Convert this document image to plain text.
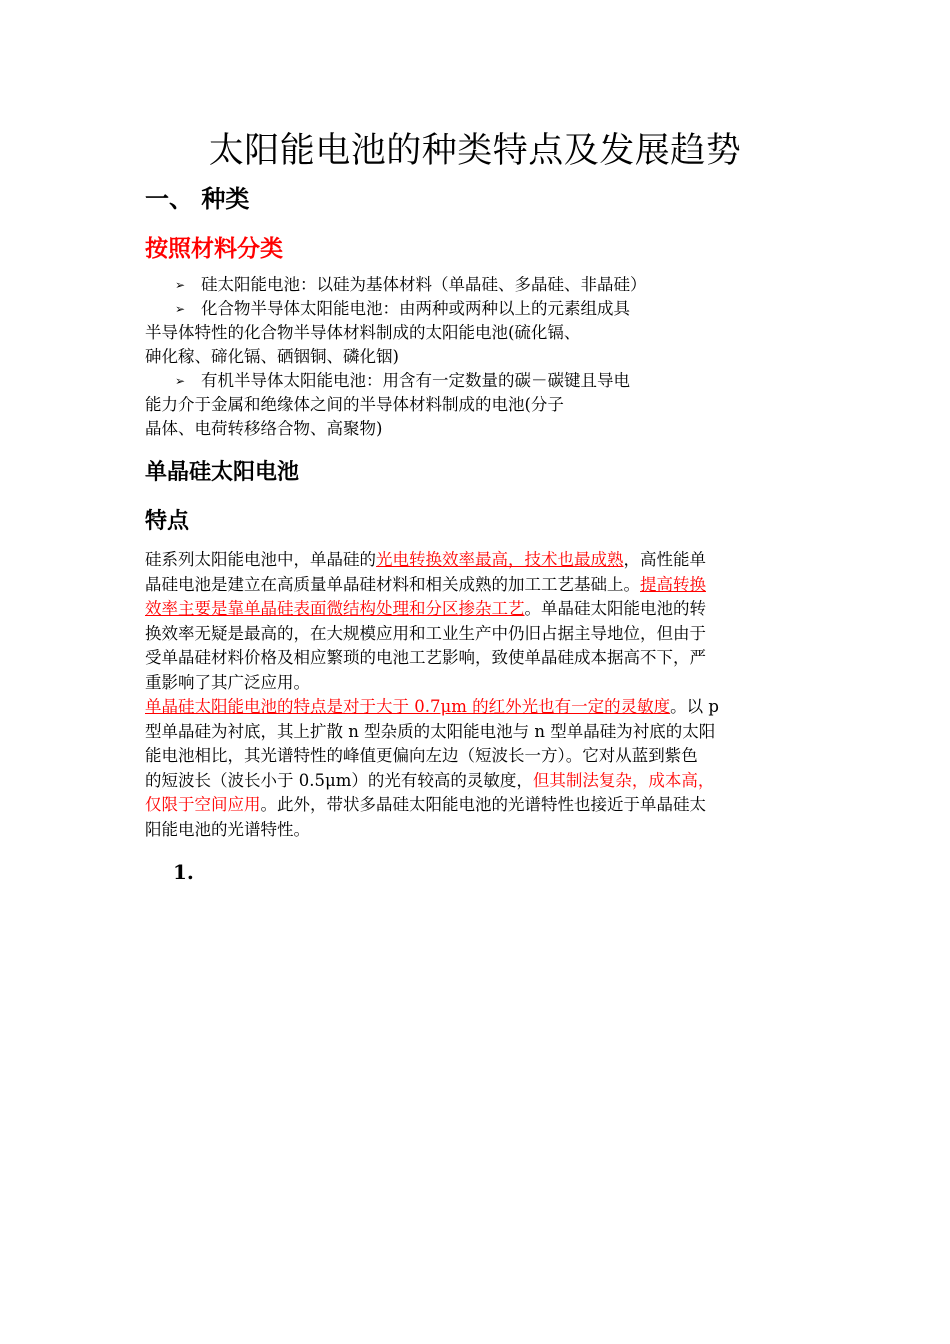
太阳能电池的种类特点及发展趋势
一、 种类
按照材料分类
➢ 硅太阳能电池：以硅为基体材料（单晶硅、多晶硅、非晶硅）
➢ 化合物半导体太阳能电池：由两种或两种以上的元素组成具
半导体特性的化合物半导体材料制成的太阳能电池(硫化镉、
砷化稼、碲化镉、硒铟铜、磷化铟)
➢ 有机半导体太阳能电池：用含有一定数量的碳－碳键且导电
能力介于金属和绝缘体之间的半导体材料制成的电池(分子
晶体、电荷转移络合物、高聚物)
单晶硅太阳电池
特点

硅系列太阳能电池中，单晶硅的光电转换效率最高，技术也最成熟，高性能单
晶硅电池是建立在高质量单晶硅材料和相关成熟的加工工艺基础上。提高转换
效率主要是靠单晶硅表面微结构处理和分区掺杂工艺。单晶硅太阳能电池的转
换效率无疑是最高的，在大规模应用和工业生产中仍旧占据主导地位，但由于
受单晶硅材料价格及相应繁琐的电池工艺影响，致使单晶硅成本据高不下，严
重影响了其广泛应用。

单晶硅太阳能电池的特点是对于大于 0.7μm 的红外光也有一定的灵敏度。以 p
型单晶硅为衬底，其上扩散 n 型杂质的太阳能电池与 n 型单晶硅为衬底的太阳
能电池相比，其光谱特性的峰值更偏向左边（短波长一方）。它对从蓝到紫色
的短波长（波长小于 0.5μm）的光有较高的灵敏度，但其制法复杂，成本高，
仅限于空间应用。此外，带状多晶硅太阳能电池的光谱特性也接近于单晶硅太
阳能电池的光谱特性。

1.
